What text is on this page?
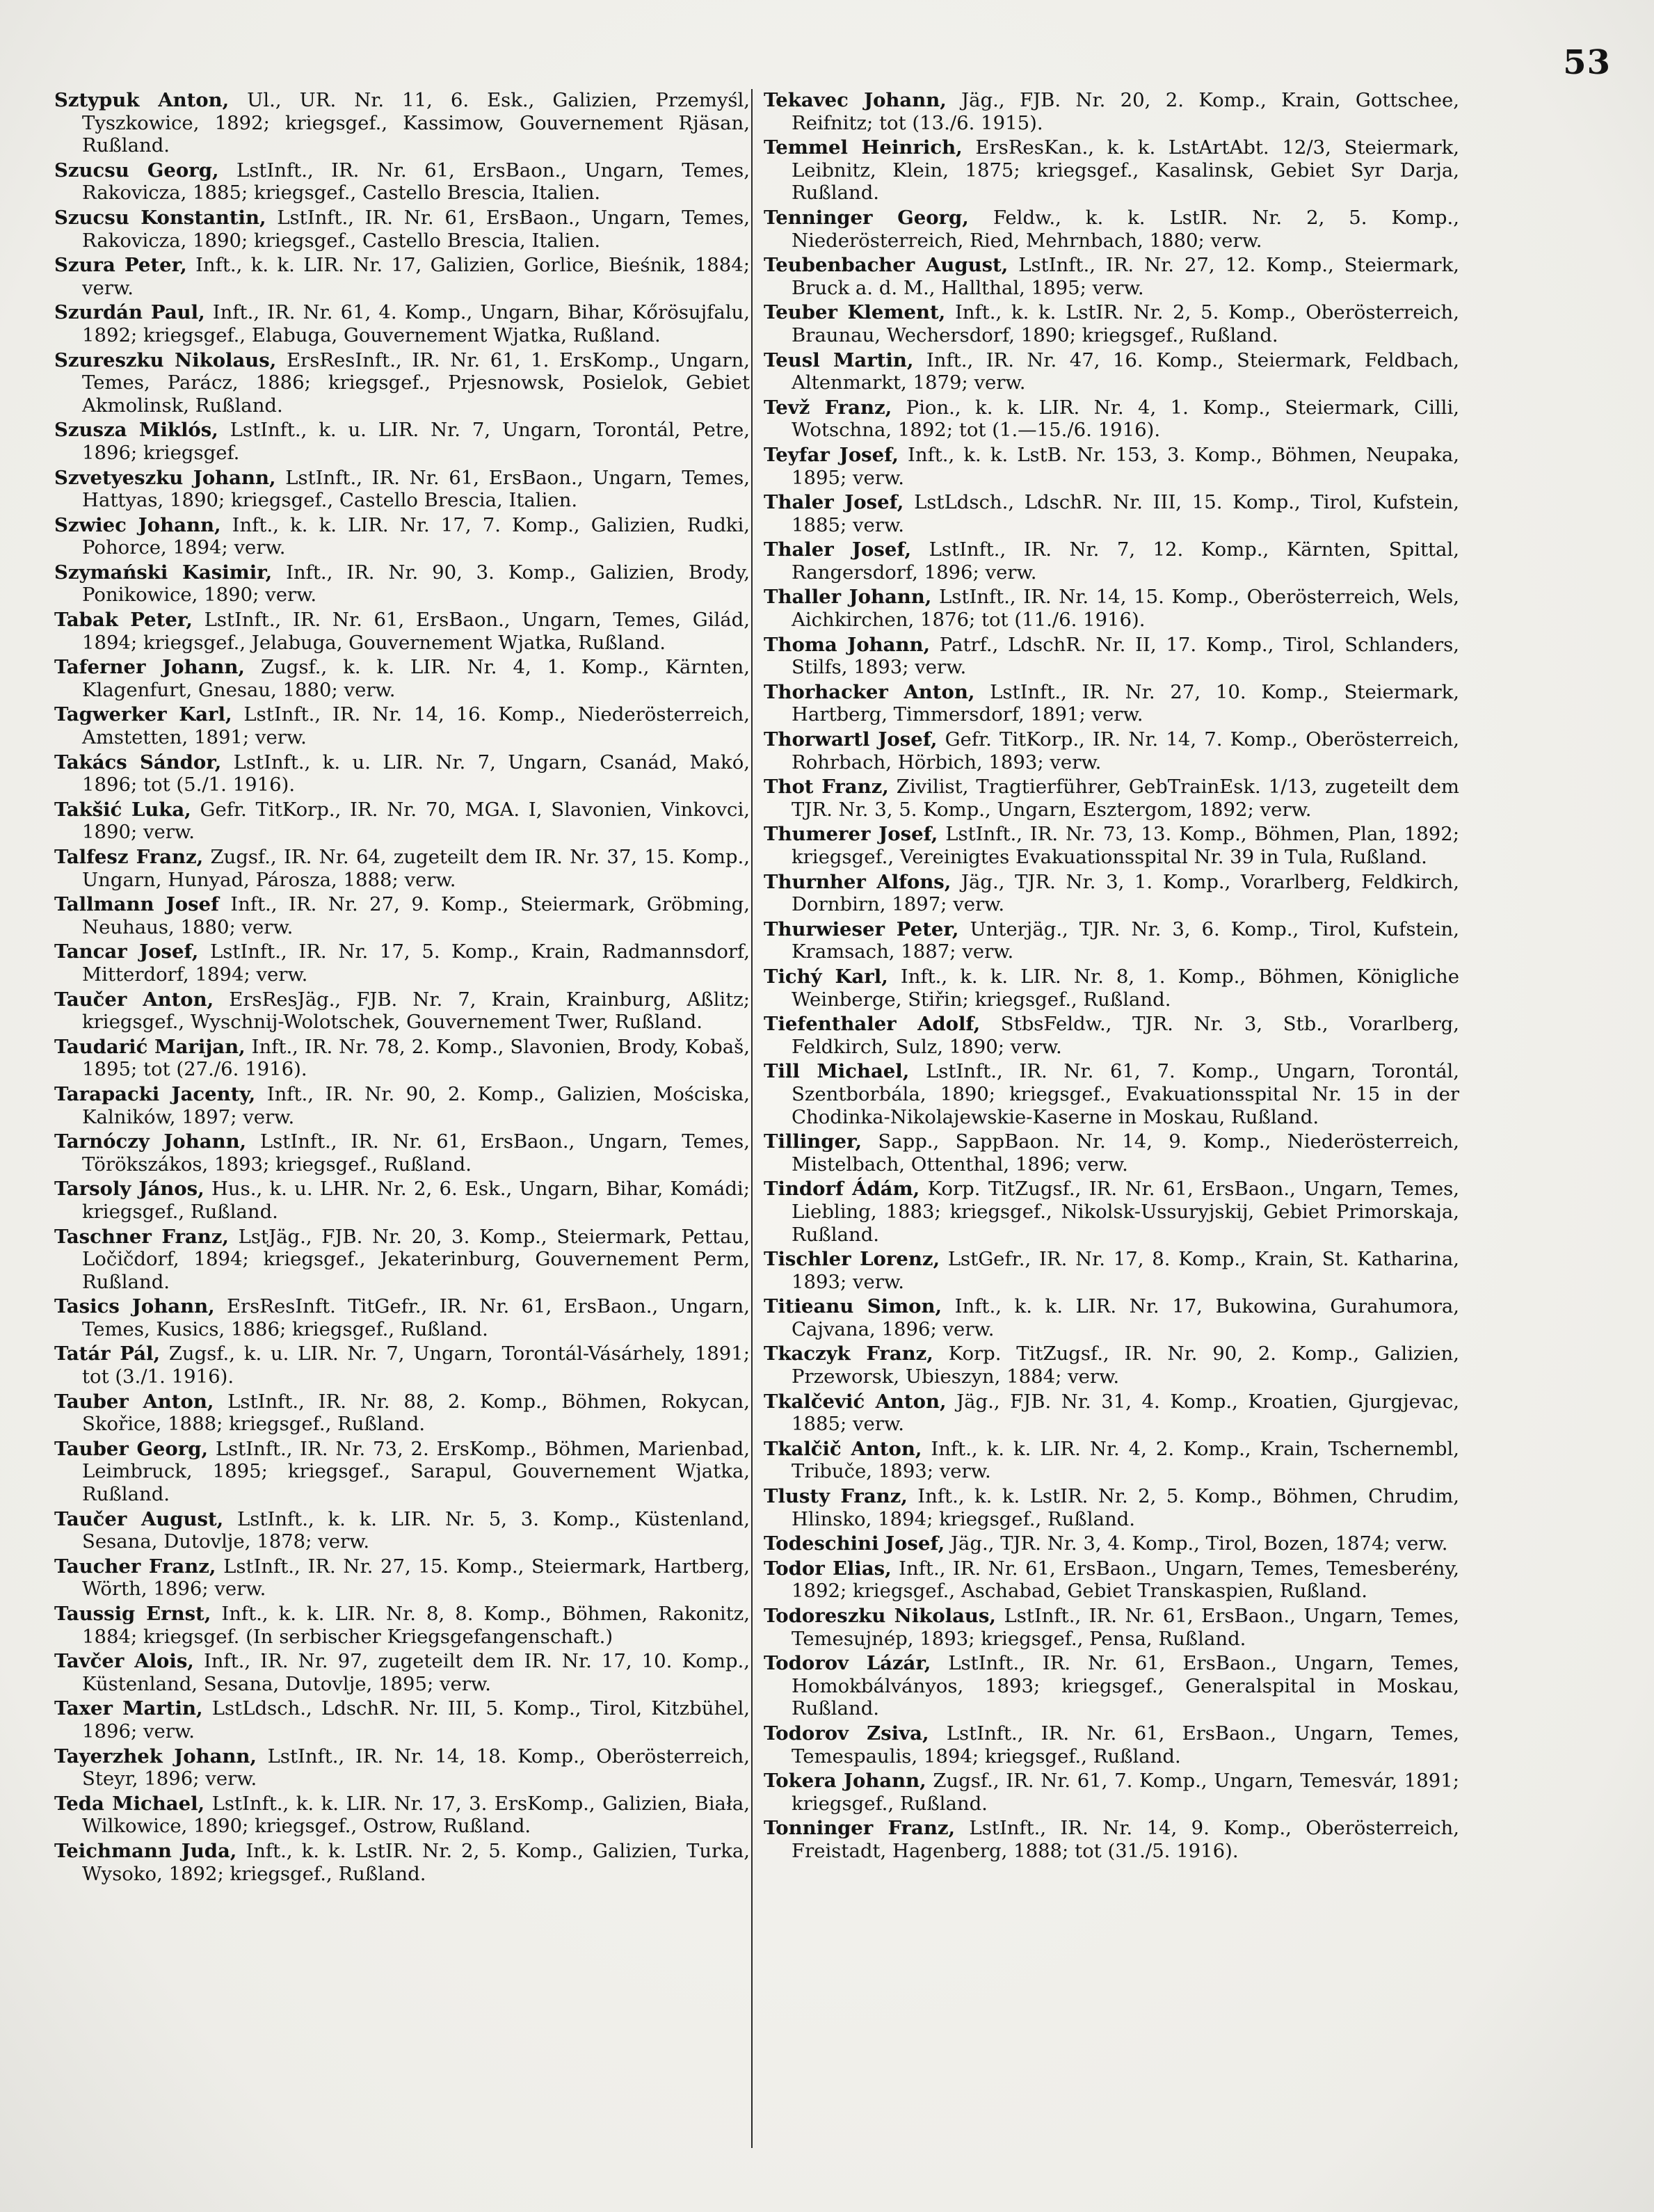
53

Sztypuk Anton, Ul., UR. Nr. 11, 6. Esk., Galizien, Przemyśl, Tyszkowice, 1892; kriegsgef., Kassimow, Gouvernement Rjäsan, Rußland.

Szucsu Georg, LstInft., IR. Nr. 61, ErsBaon., Ungarn, Temes, Rakovicza, 1885; kriegsgef., Castello Brescia, Italien.

Szucsu Konstantin, LstInft., IR. Nr. 61, ErsBaon., Ungarn, Temes, Rakovicza, 1890; kriegsgef., Castello Brescia, Italien.

Szura Peter, Inft., k. k. LIR. Nr. 17, Galizien, Gorlice, Bieśnik, 1884; verw.

Szurdán Paul, Inft., IR. Nr. 61, 4. Komp., Ungarn, Bihar, Kőrösujfalu, 1892; kriegsgef., Elabuga, Gouvernement Wjatka, Rußland.

Szureszku Nikolaus, ErsResInft., IR. Nr. 61, 1. ErsKomp., Ungarn, Temes, Parácz, 1886; kriegsgef., Prjesnowsk, Posielok, Gebiet Akmolinsk, Rußland.

Szusza Miklós, LstInft., k. u. LIR. Nr. 7, Ungarn, Torontál, Petre, 1896; kriegsgef.

Szvetyeszku Johann, LstInft., IR. Nr. 61, ErsBaon., Ungarn, Temes, Hattyas, 1890; kriegsgef., Castello Brescia, Italien.

Szwiec Johann, Inft., k. k. LIR. Nr. 17, 7. Komp., Galizien, Rudki, Pohorce, 1894; verw.

Szymański Kasimir, Inft., IR. Nr. 90, 3. Komp., Galizien, Brody, Ponikowice, 1890; verw.

Tabak Peter, LstInft., IR. Nr. 61, ErsBaon., Ungarn, Temes, Gilád, 1894; kriegsgef., Jelabuga, Gouvernement Wjatka, Rußland.

Taferner Johann, Zugsf., k. k. LIR. Nr. 4, 1. Komp., Kärnten, Klagenfurt, Gnesau, 1880; verw.

Tagwerker Karl, LstInft., IR. Nr. 14, 16. Komp., Niederösterreich, Amstetten, 1891; verw.

Takács Sándor, LstInft., k. u. LIR. Nr. 7, Ungarn, Csanád, Makó, 1896; tot (5./1. 1916).

Takšić Luka, Gefr. TitKorp., IR. Nr. 70, MGA. I, Slavonien, Vinkovci, 1890; verw.

Talfesz Franz, Zugsf., IR. Nr. 64, zugeteilt dem IR. Nr. 37, 15. Komp., Ungarn, Hunyad, Párosza, 1888; verw.

Tallmann Josef Inft., IR. Nr. 27, 9. Komp., Steiermark, Gröbming, Neuhaus, 1880; verw.

Tancar Josef, LstInft., IR. Nr. 17, 5. Komp., Krain, Radmannsdorf, Mitterdorf, 1894; verw.

Taučer Anton, ErsResJäg., FJB. Nr. 7, Krain, Krainburg, Aßlitz; kriegsgef., Wyschnij-Wolotschek, Gouvernement Twer, Rußland.

Taudarić Marijan, Inft., IR. Nr. 78, 2. Komp., Slavonien, Brody, Kobaš, 1895; tot (27./6. 1916).

Tarapacki Jacenty, Inft., IR. Nr. 90, 2. Komp., Galizien, Mościska, Kalników, 1897; verw.

Tarnóczy Johann, LstInft., IR. Nr. 61, ErsBaon., Ungarn, Temes, Törökszákos, 1893; kriegsgef., Rußland.

Tarsoly János, Hus., k. u. LHR. Nr. 2, 6. Esk., Ungarn, Bihar, Komádi; kriegsgef., Rußland.

Taschner Franz, LstJäg., FJB. Nr. 20, 3. Komp., Steiermark, Pettau, Ločičdorf, 1894; kriegsgef., Jekaterinburg, Gouvernement Perm, Rußland.

Tasics Johann, ErsResInft. TitGefr., IR. Nr. 61, ErsBaon., Ungarn, Temes, Kusics, 1886; kriegsgef., Rußland.

Tatár Pál, Zugsf., k. u. LIR. Nr. 7, Ungarn, Torontál-Vásárhely, 1891; tot (3./1. 1916).

Tauber Anton, LstInft., IR. Nr. 88, 2. Komp., Böhmen, Rokycan, Skořice, 1888; kriegsgef., Rußland.

Tauber Georg, LstInft., IR. Nr. 73, 2. ErsKomp., Böhmen, Marienbad, Leimbruck, 1895; kriegsgef., Sarapul, Gouvernement Wjatka, Rußland.

Taučer August, LstInft., k. k. LIR. Nr. 5, 3. Komp., Küstenland, Sesana, Dutovlje, 1878; verw.

Taucher Franz, LstInft., IR. Nr. 27, 15. Komp., Steiermark, Hartberg, Wörth, 1896; verw.

Taussig Ernst, Inft., k. k. LIR. Nr. 8, 8. Komp., Böhmen, Rakonitz, 1884; kriegsgef. (In serbischer Kriegsgefangenschaft.)

Tavčer Alois, Inft., IR. Nr. 97, zugeteilt dem IR. Nr. 17, 10. Komp., Küstenland, Sesana, Dutovlje, 1895; verw.

Taxer Martin, LstLdsch., LdschR. Nr. III, 5. Komp., Tirol, Kitzbühel, 1896; verw.

Tayerzhek Johann, LstInft., IR. Nr. 14, 18. Komp., Oberösterreich, Steyr, 1896; verw.

Teda Michael, LstInft., k. k. LIR. Nr. 17, 3. ErsKomp., Galizien, Biała, Wilkowice, 1890; kriegsgef., Ostrow, Rußland.

Teichmann Juda, Inft., k. k. LstIR. Nr. 2, 5. Komp., Galizien, Turka, Wysoko, 1892; kriegsgef., Rußland.

Tekavec Johann, Jäg., FJB. Nr. 20, 2. Komp., Krain, Gottschee, Reifnitz; tot (13./6. 1915).

Temmel Heinrich, ErsResKan., k. k. LstArtAbt. 12/3, Steiermark, Leibnitz, Klein, 1875; kriegsgef., Kasalinsk, Gebiet Syr Darja, Rußland.

Tenninger Georg, Feldw., k. k. LstIR. Nr. 2, 5. Komp., Niederösterreich, Ried, Mehrnbach, 1880; verw.

Teubenbacher August, LstInft., IR. Nr. 27, 12. Komp., Steiermark, Bruck a. d. M., Hallthal, 1895; verw.

Teuber Klement, Inft., k. k. LstIR. Nr. 2, 5. Komp., Oberösterreich, Braunau, Wechersdorf, 1890; kriegsgef., Rußland.

Teusl Martin, Inft., IR. Nr. 47, 16. Komp., Steiermark, Feldbach, Altenmarkt, 1879; verw.

Tevž Franz, Pion., k. k. LIR. Nr. 4, 1. Komp., Steiermark, Cilli, Wotschna, 1892; tot (1.—15./6. 1916).

Teyfar Josef, Inft., k. k. LstB. Nr. 153, 3. Komp., Böhmen, Neupaka, 1895; verw.

Thaler Josef, LstLdsch., LdschR. Nr. III, 15. Komp., Tirol, Kufstein, 1885; verw.

Thaler Josef, LstInft., IR. Nr. 7, 12. Komp., Kärnten, Spittal, Rangersdorf, 1896; verw.

Thaller Johann, LstInft., IR. Nr. 14, 15. Komp., Oberösterreich, Wels, Aichkirchen, 1876; tot (11./6. 1916).

Thoma Johann, Patrf., LdschR. Nr. II, 17. Komp., Tirol, Schlanders, Stilfs, 1893; verw.

Thorhacker Anton, LstInft., IR. Nr. 27, 10. Komp., Steiermark, Hartberg, Timmersdorf, 1891; verw.

Thorwartl Josef, Gefr. TitKorp., IR. Nr. 14, 7. Komp., Oberösterreich, Rohrbach, Hörbich, 1893; verw.

Thot Franz, Zivilist, Tragtierführer, GebTrainEsk. 1/13, zugeteilt dem TJR. Nr. 3, 5. Komp., Ungarn, Esztergom, 1892; verw.

Thumerer Josef, LstInft., IR. Nr. 73, 13. Komp., Böhmen, Plan, 1892; kriegsgef., Vereinigtes Evakuationsspital Nr. 39 in Tula, Rußland.

Thurnher Alfons, Jäg., TJR. Nr. 3, 1. Komp., Vorarlberg, Feldkirch, Dornbirn, 1897; verw.

Thurwieser Peter, Unterjäg., TJR. Nr. 3, 6. Komp., Tirol, Kufstein, Kramsach, 1887; verw.

Tichý Karl, Inft., k. k. LIR. Nr. 8, 1. Komp., Böhmen, Königliche Weinberge, Stiřin; kriegsgef., Rußland.

Tiefenthaler Adolf, StbsFeldw., TJR. Nr. 3, Stb., Vorarlberg, Feldkirch, Sulz, 1890; verw.

Till Michael, LstInft., IR. Nr. 61, 7. Komp., Ungarn, Torontál, Szentborbála, 1890; kriegsgef., Evakuationsspital Nr. 15 in der Chodinka-Nikolajewskie-Kaserne in Moskau, Rußland.

Tillinger, Sapp., SappBaon. Nr. 14, 9. Komp., Niederösterreich, Mistelbach, Ottenthal, 1896; verw.

Tindorf Ádám, Korp. TitZugsf., IR. Nr. 61, ErsBaon., Ungarn, Temes, Liebling, 1883; kriegsgef., Nikolsk-Ussuryjskij, Gebiet Primorskaja, Rußland.

Tischler Lorenz, LstGefr., IR. Nr. 17, 8. Komp., Krain, St. Katharina, 1893; verw.

Titieanu Simon, Inft., k. k. LIR. Nr. 17, Bukowina, Gurahumora, Cajvana, 1896; verw.

Tkaczyk Franz, Korp. TitZugsf., IR. Nr. 90, 2. Komp., Galizien, Przeworsk, Ubieszyn, 1884; verw.

Tkalčević Anton, Jäg., FJB. Nr. 31, 4. Komp., Kroatien, Gjurgjevac, 1885; verw.

Tkalčič Anton, Inft., k. k. LIR. Nr. 4, 2. Komp., Krain, Tschernembl, Tribuče, 1893; verw.

Tlusty Franz, Inft., k. k. LstIR. Nr. 2, 5. Komp., Böhmen, Chrudim, Hlinsko, 1894; kriegsgef., Rußland.

Todeschini Josef, Jäg., TJR. Nr. 3, 4. Komp., Tirol, Bozen, 1874; verw.

Todor Elias, Inft., IR. Nr. 61, ErsBaon., Ungarn, Temes, Temesberény, 1892; kriegsgef., Aschabad, Gebiet Transkaspien, Rußland.

Todoreszku Nikolaus, LstInft., IR. Nr. 61, ErsBaon., Ungarn, Temes, Temesujnép, 1893; kriegsgef., Pensa, Rußland.

Todorov Lázár, LstInft., IR. Nr. 61, ErsBaon., Ungarn, Temes, Homokbálványos, 1893; kriegsgef., Generalspital in Moskau, Rußland.

Todorov Zsiva, LstInft., IR. Nr. 61, ErsBaon., Ungarn, Temes, Temespaulis, 1894; kriegsgef., Rußland.

Tokera Johann, Zugsf., IR. Nr. 61, 7. Komp., Ungarn, Temesvár, 1891; kriegsgef., Rußland.

Tonninger Franz, LstInft., IR. Nr. 14, 9. Komp., Oberösterreich, Freistadt, Hagenberg, 1888; tot (31./5. 1916).
